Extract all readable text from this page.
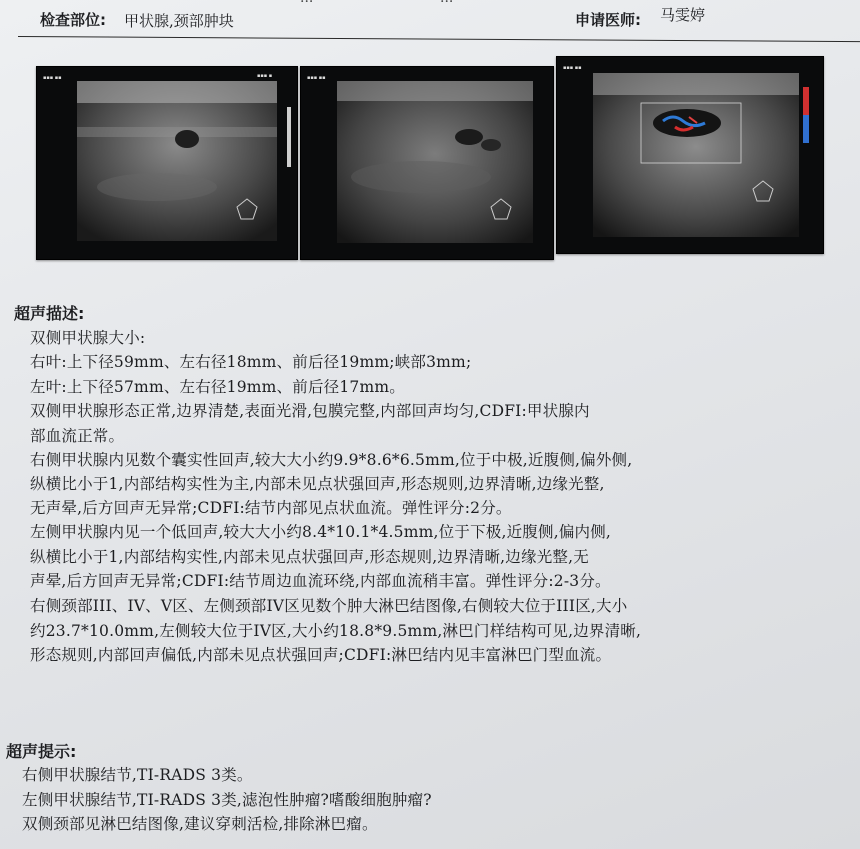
检查部位: 甲状腺,颈部肿块	申请医师: 马雯婷
▪▪▪ ▪▪	▪▪▪ ▪	▪▪▪ ▪▪
▪▪▪ ▪▪
超声描述:
双侧甲状腺大小:
右叶:上下径59mm、左右径18mm、前后径19mm;峡部3mm;
左叶:上下径57mm、左右径19mm、前后径17mm。
双侧甲状腺形态正常,边界清楚,表面光滑,包膜完整,内部回声均匀,CDFI:甲状腺内
部血流正常。
右侧甲状腺内见数个囊实性回声,较大大小约9.9*8.6*6.5mm,位于中极,近腹侧,偏外侧,
纵横比小于1,内部结构实性为主,内部未见点状强回声,形态规则,边界清晰,边缘光整,
无声晕,后方回声无异常;CDFI:结节内部见点状血流。弹性评分:2分。
左侧甲状腺内见一个低回声,较大大小约8.4*10.1*4.5mm,位于下极,近腹侧,偏内侧,
纵横比小于1,内部结构实性,内部未见点状强回声,形态规则,边界清晰,边缘光整,无
声晕,后方回声无异常;CDFI:结节周边血流环绕,内部血流稍丰富。弹性评分:2-3分。
右侧颈部III、IV、V区、左侧颈部IV区见数个肿大淋巴结图像,右侧较大位于III区,大小
约23.7*10.0mm,左侧较大位于IV区,大小约18.8*9.5mm,淋巴门样结构可见,边界清晰,
形态规则,内部回声偏低,内部未见点状强回声;CDFI:淋巴结内见丰富淋巴门型血流。
超声提示:
右侧甲状腺结节,TI-RADS 3类。
左侧甲状腺结节,TI-RADS 3类,滤泡性肿瘤?嗜酸细胞肿瘤?
双侧颈部见淋巴结图像,建议穿刺活检,排除淋巴瘤。
